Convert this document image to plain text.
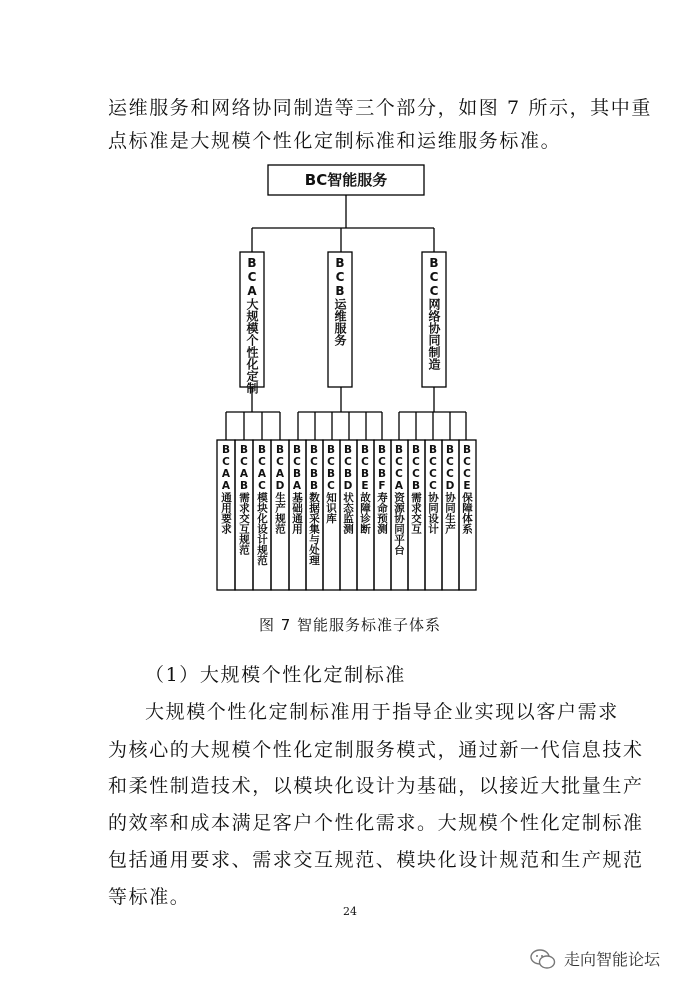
运维服务和网络协同制造等三个部分，如图 7 所示，其中重
点标准是大规模个性化定制标准和运维服务标准。
BC智能服务
BCA大规模个性化定制	BCB运维服务	BCC网络协同制造
BCAA通用要求 BCAB需求交互规范 BCAC模块化设计规范 BCAD生产规范 BCBA基础通用 BCBB数据采集与处理 BCBC知识库 BCBD状态监测 BCBE故障诊断 BCBF寿命预测 BCCA资源协同平台 BCCB需求交互 BCCC协同设计 BCCD协同生产 BCCE保障体系
图 7 智能服务标准子体系
（1）大规模个性化定制标准
大规模个性化定制标准用于指导企业实现以客户需求
为核心的大规模个性化定制服务模式，通过新一代信息技术
和柔性制造技术，以模块化设计为基础，以接近大批量生产
的效率和成本满足客户个性化需求。大规模个性化定制标准
包括通用要求、需求交互规范、模块化设计规范和生产规范
等标准。
24
走向智能论坛
